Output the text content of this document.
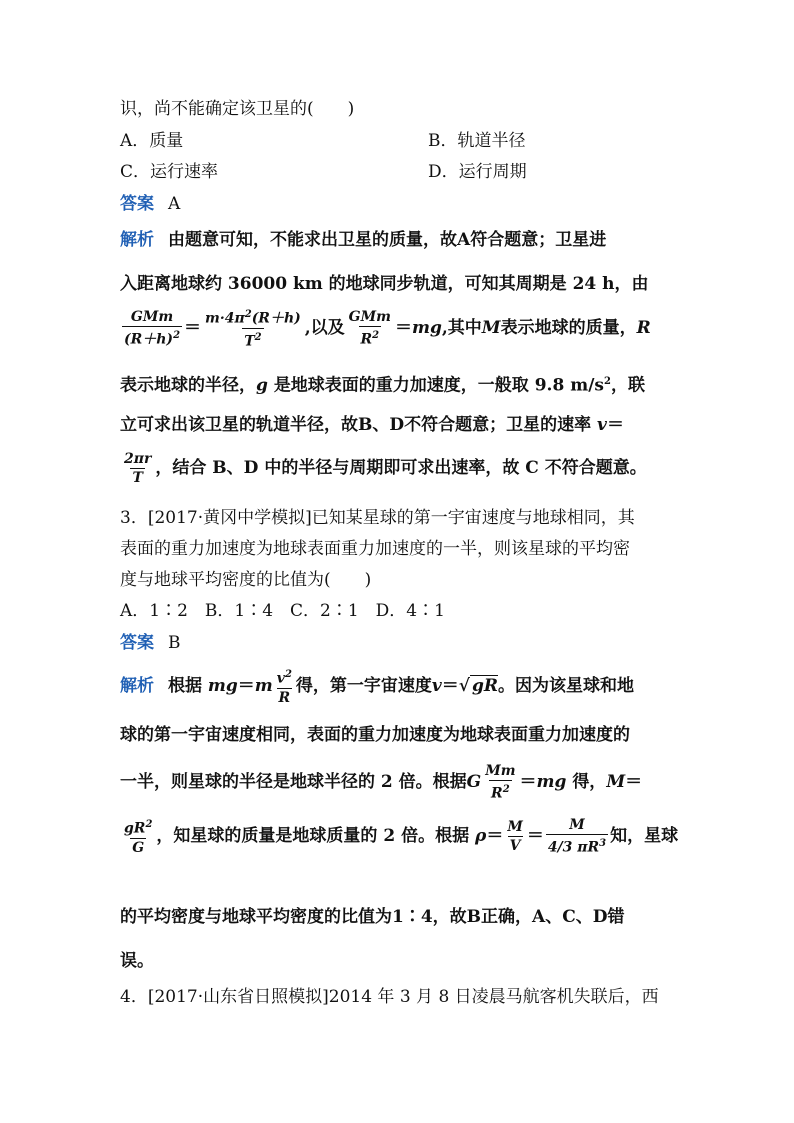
识，尚不能确定该卫星的(　　)
A．质量	B．轨道半径
C．运行速率	D．运行周期
答案 A
解析 由题意可知，不能求出卫星的质量，故A符合题意；卫星进
入距离地球约 36000 km 的地球同步轨道，可知其周期是 24 h，由
$\frac{\text{GMm}}{(R+h)^2} = \frac{m\cdot 4\pi^2(R+h)}{T^2}$ ,以及 $\frac{\text{GMm}}{R^2} =mg$,其中M表示地球的质量，R
表示地球的半径，g 是地球表面的重力加速度，一般取 9.8 $m/s^2$，联
立可求出该卫星的轨道半径，故B、D不符合题意；卫星的速率 v＝
$\frac{2\pi r}{T}$ ，结合 B、D 中的半径与周期即可求出速率，故 C 不符合题意。
3．[2017·黄冈中学模拟]已知某星球的第一宇宙速度与地球相同，其
表面的重力加速度为地球表面重力加速度的一半，则该星球的平均密
度与地球平均密度的比值为(　　)
A．1∶2　B．1∶4　C．2∶1　D．4∶1
答案 B
解析 根据 $mg=m \frac{v^2}{R}$ 得，第一宇宙速度v＝√ gR。因为该星球和地
球的第一宇宙速度相同，表面的重力加速度为地球表面重力加速度的
一半，则星球的半径是地球半径的 2 倍。根据G $\frac{Mm}{R^2} =mg$ 得，M＝
$\frac{gR^2}{G}$ ，知星球的质量是地球质量的 2 倍。根据 $\rho= \frac{M}{V} = \frac{M}{4/3 \pi R^3}$ 知，星球
的平均密度与地球平均密度的比值为1∶4，故B正确，A、C、D错
误。
4．[2017·山东省日照模拟]2014 年 3 月 8 日凌晨马航客机失联后，西
